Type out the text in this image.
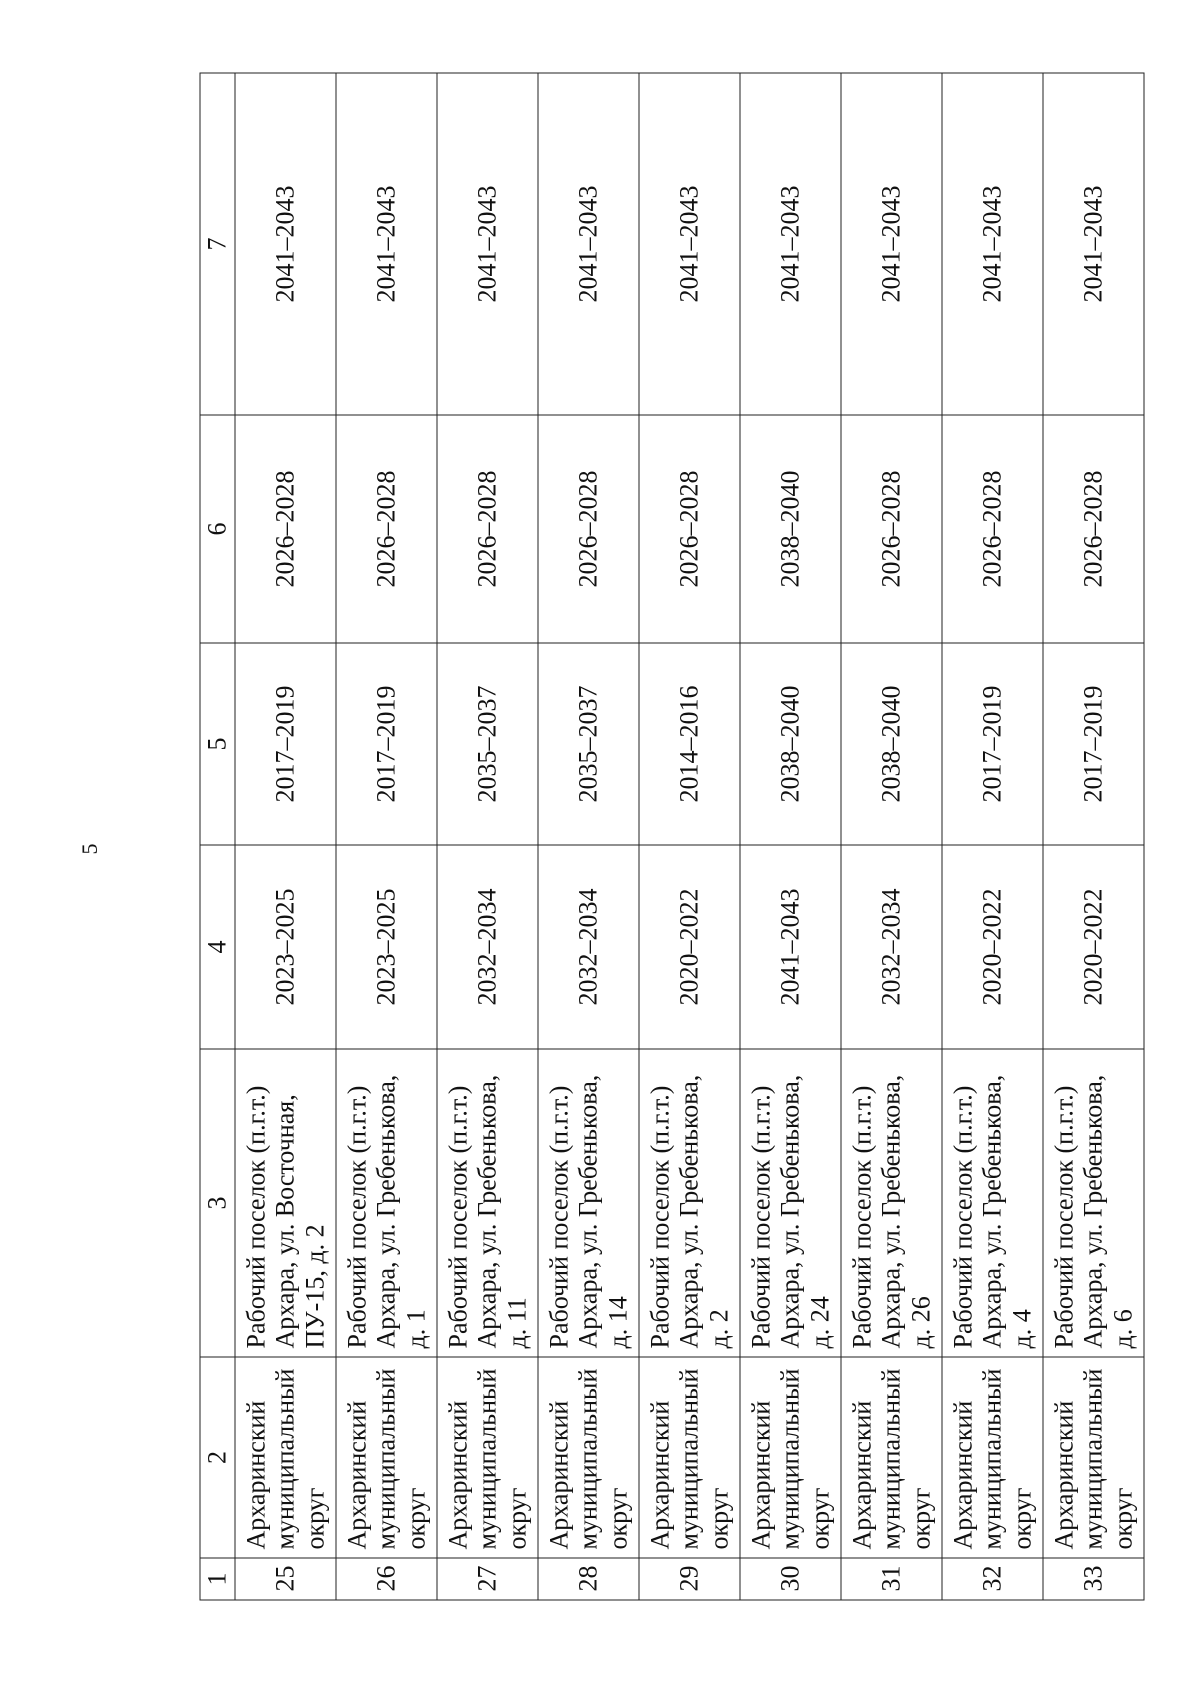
5
1	2	3	4	5	6	7
25	Архаринский муниципальный округ	Рабочий поселок (п.г.т.) Архара, ул. Восточная, ПУ-15, д. 2	2023–2025	2017–2019	2026–2028	2041–2043
26	Архаринский муниципальный округ	Рабочий поселок (п.г.т.) Архара, ул. Гребенькова, д. 1	2023–2025	2017–2019	2026–2028	2041–2043
27	Архаринский муниципальный округ	Рабочий поселок (п.г.т.) Архара, ул. Гребенькова, д. 11	2032–2034	2035–2037	2026–2028	2041–2043
28	Архаринский муниципальный округ	Рабочий поселок (п.г.т.) Архара, ул. Гребенькова, д. 14	2032–2034	2035–2037	2026–2028	2041–2043
29	Архаринский муниципальный округ	Рабочий поселок (п.г.т.) Архара, ул. Гребенькова, д. 2	2020–2022	2014–2016	2026–2028	2041–2043
30	Архаринский муниципальный округ	Рабочий поселок (п.г.т.) Архара, ул. Гребенькова, д. 24	2041–2043	2038–2040	2038–2040	2041–2043
31	Архаринский муниципальный округ	Рабочий поселок (п.г.т.) Архара, ул. Гребенькова, д. 26	2032–2034	2038–2040	2026–2028	2041–2043
32	Архаринский муниципальный округ	Рабочий поселок (п.г.т.) Архара, ул. Гребенькова, д. 4	2020–2022	2017–2019	2026–2028	2041–2043
33	Архаринский муниципальный округ	Рабочий поселок (п.г.т.) Архара, ул. Гребенькова, д. 6	2020–2022	2017–2019	2026–2028	2041–2043
